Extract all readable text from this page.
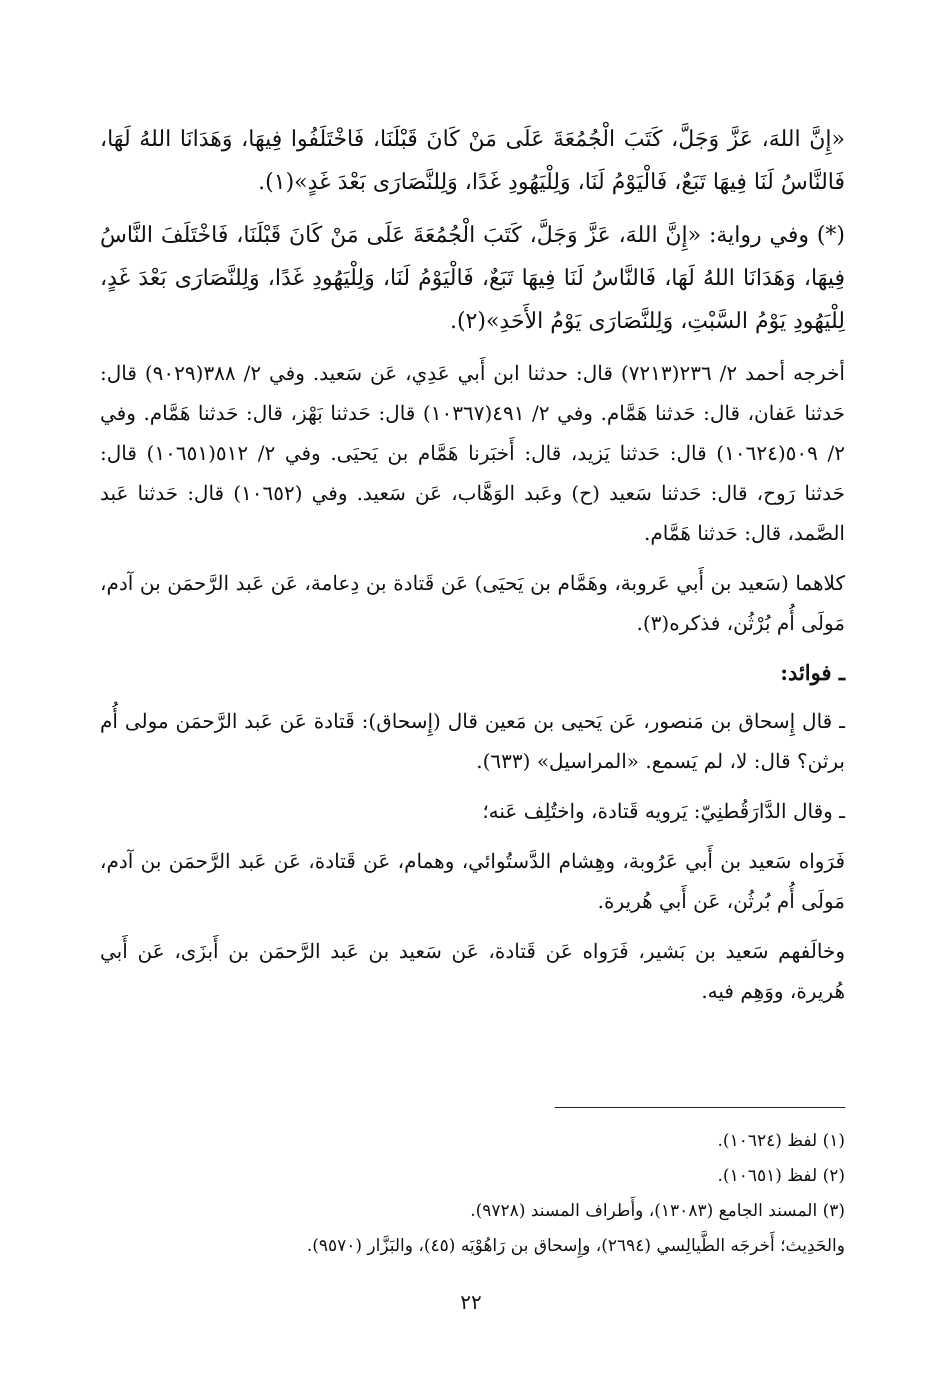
«إِنَّ اللهَ، عَزَّ وَجَلَّ، كَتَبَ الْجُمُعَةَ عَلَى مَنْ كَانَ قَبْلَنَا، فَاخْتَلَفُوا فِيهَا، وَهَدَانَا اللهُ لَهَا، فَالنَّاسُ لَنَا فِيهَا تَبَعٌ، فَالْيَوْمُ لَنَا، وَلِلْيَهُودِ غَدًا، وَلِلنَّصَارَى بَعْدَ غَدٍ»(١).

(*) وفي رواية: «إِنَّ اللهَ، عَزَّ وَجَلَّ، كَتَبَ الْجُمُعَةَ عَلَى مَنْ كَانَ قَبْلَنَا، فَاخْتَلَفَ النَّاسُ فِيهَا، وَهَدَانَا اللهُ لَهَا، فَالنَّاسُ لَنَا فِيهَا تَبَعٌ، فَالْيَوْمُ لَنَا، وَلِلْيَهُودِ غَدًا، وَلِلنَّصَارَى بَعْدَ غَدٍ، لِلْيَهُودِ يَوْمُ السَّبْتِ، وَلِلنَّصَارَى يَوْمُ الأَحَدِ»(٢).

أخرجه أحمد ٢/ ٢٣٦(٧٢١٣) قال: حدثنا ابن أَبي عَدِي، عَن سَعيد. وفي ٢/ ٣٨٨(٩٠٢٩) قال: حَدثنا عَفان، قال: حَدثنا هَمَّام. وفي ٢/ ٤٩١(١٠٣٦٧) قال: حَدثنا بَهْز، قال: حَدثنا هَمَّام. وفي ٢/ ٥٠٩(١٠٦٢٤) قال: حَدثنا يَزيد، قال: أَخبَرنا هَمَّام بن يَحيَى. وفي ٢/ ٥١٢(١٠٦٥١) قال: حَدثنا رَوح، قال: حَدثنا سَعيد (ح) وعَبد الوَهَّاب، عَن سَعيد. وفي (١٠٦٥٢) قال: حَدثنا عَبد الصَّمد، قال: حَدثنا هَمَّام.

كلاهما (سَعيد بن أَبي عَروبة، وهَمَّام بن يَحيَى) عَن قَتادة بن دِعامة، عَن عَبد الرَّحمَن بن آدم، مَولَى أُم بُرْثُن، فذكره(٣).

ـ فوائد:

ـ قال إِسحاق بن مَنصور، عَن يَحيى بن مَعين قال (إِسحاق): قَتادة عَن عَبد الرَّحمَن مولى أُم برثن؟ قال: لا، لم يَسمع. «المراسيل» (٦٣٣).

ـ وقال الدَّارَقُطنِيّ: يَرويه قَتادة، واختُلِف عَنه؛

فَرَواه سَعيد بن أَبي عَرُوبة، وهِشام الدَّستُوائي، وهمام، عَن قَتادة، عَن عَبد الرَّحمَن بن آدم، مَولَى أُم بُرثُن، عَن أَبي هُريرة.

وخالَفهم سَعيد بن بَشير، فَرَواه عَن قَتادة، عَن سَعيد بن عَبد الرَّحمَن بن أَبزَى، عَن أَبي هُريرة، ووَهِم فيه.

(١) لفظ (١٠٦٢٤).

(٢) لفظ (١٠٦٥١).

(٣) المسند الجامع (١٣٠٨٣)، وأَطراف المسند (٩٧٢٨).

والحَدِيث؛ أَخرجَه الطَّيالِسي (٢٦٩٤)، وإِسحاق بن رَاهُوْيَه (٤٥)، والبَزَّار (٩٥٧٠).

٢٢
